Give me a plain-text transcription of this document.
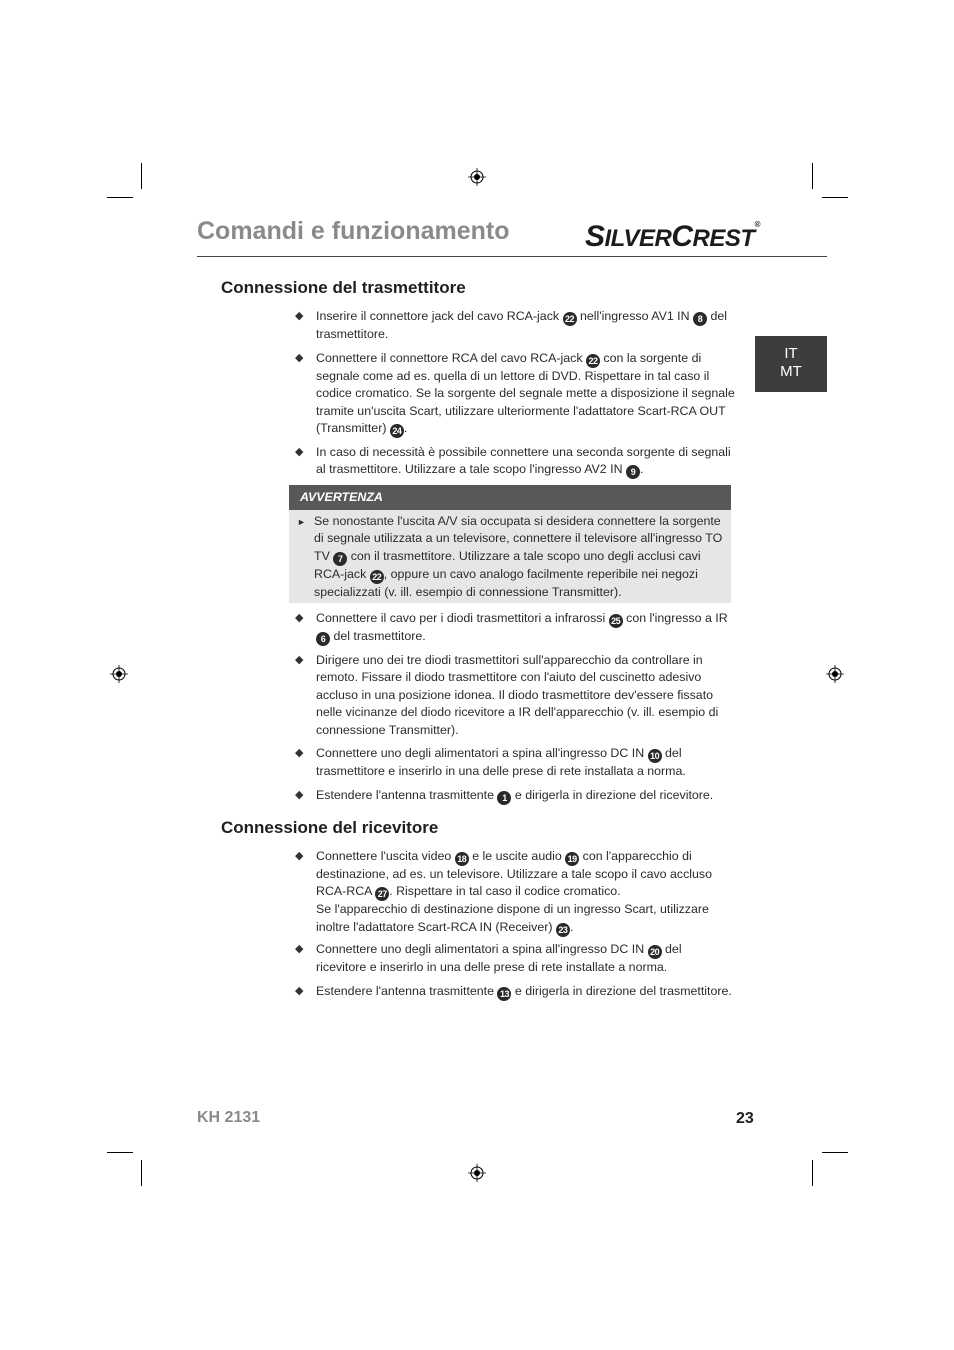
Comandi e funzionamento	SILVERCREST®
IT
MT
Connessione del trasmettitore
◆ Inserire il connettore jack del cavo RCA-jack 22 nell'ingresso AV1 IN 8 del trasmettitore.
◆ Connettere il connettore RCA del cavo RCA-jack 22 con la sorgente di segnale come ad es. quella di un lettore di DVD. Rispettare in tal caso il codice cromatico. Se la sorgente del segnale mette a disposizione il segnale tramite un'uscita Scart, utilizzare ulteriormente l'adattatore Scart-RCA OUT (Transmitter) 24 .
◆ In caso di necessità è possibile connettere una seconda sorgente di segnali al trasmettitore. Utilizzare a tale scopo l'ingresso AV2 IN 9 .
AVVERTENZA
► Se nonostante l'uscita A/V sia occupata si desidera connettere la sorgente di segnale utilizzata a un televisore, connettere il televisore all'ingresso TO TV 7 con il trasmettitore. Utilizzare a tale scopo uno degli acclusi cavi RCA-jack 22 , oppure un cavo analogo facilmente reperibile nei negozi specializzati (v. ill. esempio di connessione Transmitter).
◆ Connettere il cavo per i diodi trasmettitori a infrarossi 25 con l'ingresso a IR 6 del trasmettitore.
◆ Dirigere uno dei tre diodi trasmettitori sull'apparecchio da controllare in remoto. Fissare il diodo trasmettitore con l'aiuto del cuscinetto adesivo accluso in una posizione idonea. Il diodo trasmettitore dev'essere fissato nelle vicinanze del diodo ricevitore a IR dell'apparecchio (v. ill. esempio di connessione Transmitter).
◆ Connettere uno degli alimentatori a spina all'ingresso DC IN 10 del trasmettitore e inserirlo in una delle prese di rete installata a norma.
◆ Estendere l'antenna trasmittente 1 e dirigerla in direzione del ricevitore.
Connessione del ricevitore
◆ Connettere l'uscita video 18 e le uscite audio 19 con l'apparecchio di destinazione, ad es. un televisore. Utilizzare a tale scopo il cavo accluso RCA-RCA 27 . Rispettare in tal caso il codice cromatico.
Se l'apparecchio di destinazione dispone di un ingresso Scart, utilizzare inoltre l'adattatore Scart-RCA IN (Receiver) 23 .
◆ Connettere uno degli alimentatori a spina all'ingresso DC IN 20 del ricevitore e inserirlo in una delle prese di rete installate a norma.
◆ Estendere l'antenna trasmittente 13 e dirigerla in direzione del trasmettitore.
KH 2131	23
